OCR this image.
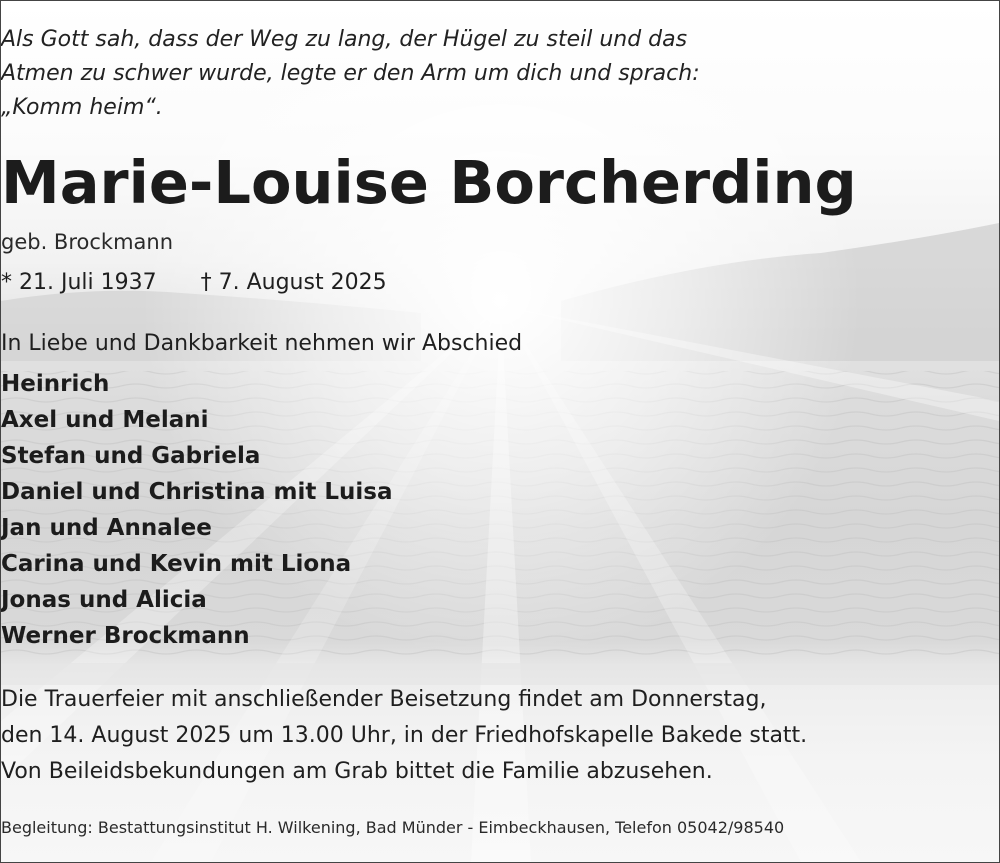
Als Gott sah, dass der Weg zu lang, der Hügel zu steil und das
Atmen zu schwer wurde, legte er den Arm um dich und sprach:
„Komm heim“.
Marie-Louise Borcherding
geb. Brockmann
* 21. Juli 1937 † 7. August 2025
In Liebe und Dankbarkeit nehmen wir Abschied
Heinrich
Axel und Melani
Stefan und Gabriela
Daniel und Christina mit Luisa
Jan und Annalee
Carina und Kevin mit Liona
Jonas und Alicia
Werner Brockmann
Die Trauerfeier mit anschließender Beisetzung findet am Donnerstag,
den 14. August 2025 um 13.00 Uhr, in der Friedhofskapelle Bakede statt.
Von Beileidsbekundungen am Grab bittet die Familie abzusehen.
Begleitung: Bestattungsinstitut H. Wilkening, Bad Münder - Eimbeckhausen, Telefon 05042/98540
